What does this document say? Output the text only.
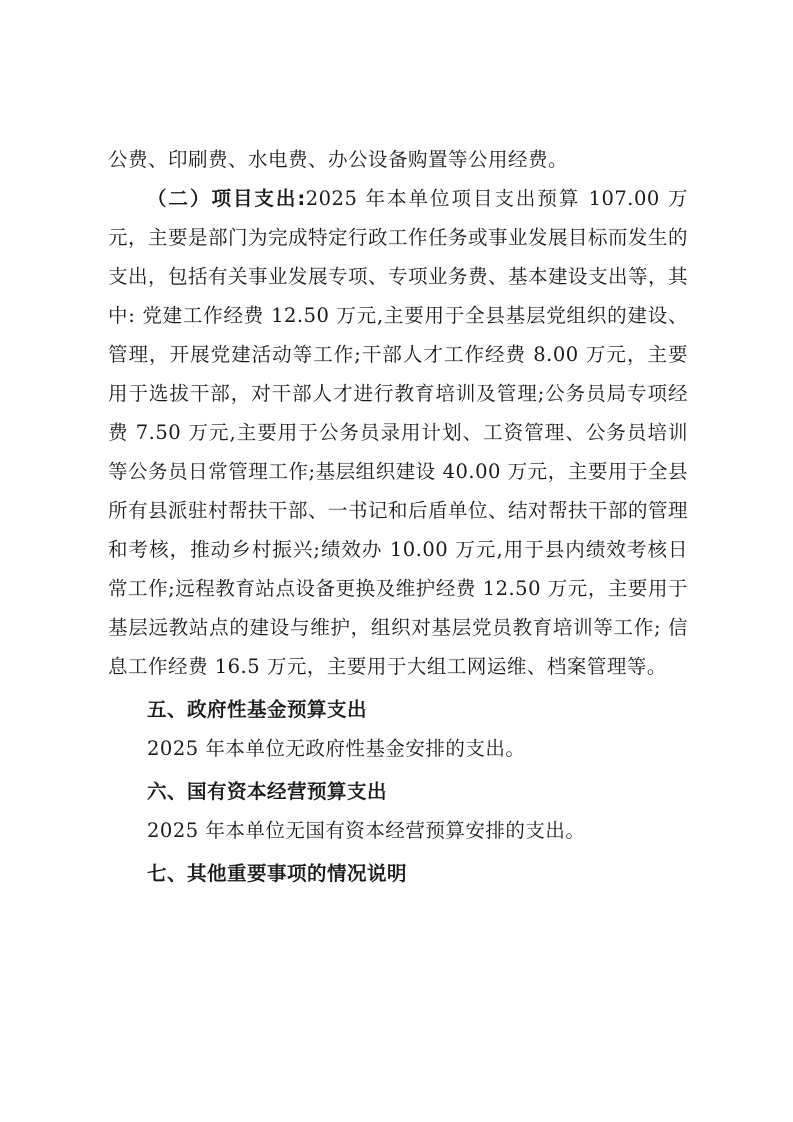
公费、印刷费、水电费、办公设备购置等公用经费。

（二）项目支出:2025 年本单位项目支出预算 107.00 万元，主要是部门为完成特定行政工作任务或事业发展目标而发生的支出，包括有关事业发展专项、专项业务费、基本建设支出等，其中: 党建工作经费 12.50 万元,主要用于全县基层党组织的建设、管理，开展党建活动等工作;干部人才工作经费 8.00 万元，主要用于选拔干部，对干部人才进行教育培训及管理;公务员局专项经费 7.50 万元,主要用于公务员录用计划、工资管理、公务员培训等公务员日常管理工作;基层组织建设 40.00 万元，主要用于全县所有县派驻村帮扶干部、一书记和后盾单位、结对帮扶干部的管理和考核，推动乡村振兴;绩效办 10.00 万元,用于县内绩效考核日常工作;远程教育站点设备更换及维护经费 12.50 万元，主要用于基层远教站点的建设与维护，组织对基层党员教育培训等工作; 信息工作经费 16.5 万元，主要用于大组工网运维、档案管理等。

五、政府性基金预算支出

2025 年本单位无政府性基金安排的支出。

六、国有资本经营预算支出

2025 年本单位无国有资本经营预算安排的支出。

七、其他重要事项的情况说明
